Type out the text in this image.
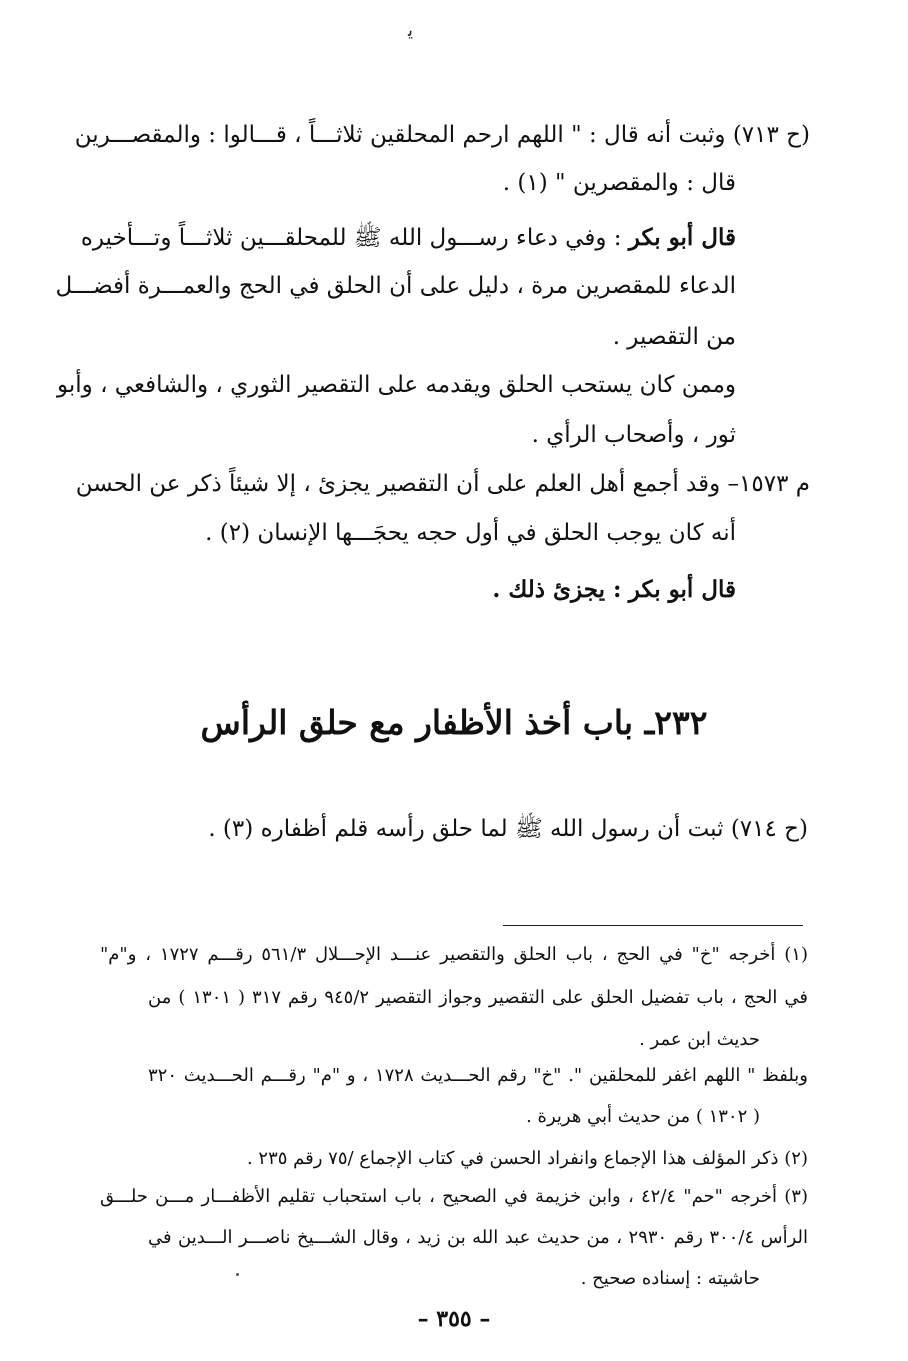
ﯾ
(ح ٧١٣) وثبت أنه قال : " اللهم ارحم المحلقين ثلاثـــاً ، قـــالوا : والمقصـــرين
قال : والمقصرين " (١) .
قال أبو بكر : وفي دعاء رســـول الله ﷺ للمحلقـــين ثلاثـــاً وتـــأخيره
الدعاء للمقصرين مرة ، دليل على أن الحلق في الحج والعمـــرة أفضـــل
من التقصير .
وممن كان يستحب الحلق ويقدمه على التقصير الثوري ، والشافعي ، وأبو
ثور ، وأصحاب الرأي .
م ١٥٧٣– وقد أجمع أهل العلم على أن التقصير يجزئ ، إلا شيئاً ذكر عن الحسن
أنه كان يوجب الحلق في أول حجه يحجَـــها الإنسان (٢) .
قال أبو بكر : يجزئ ذلك .
٢٣٢ـ باب أخذ الأظفار مع حلق الرأس
(ح ٧١٤) ثبت أن رسول الله ﷺ لما حلق رأسه قلم أظفاره (٣) .
(١) أخرجه "خ" في الحج ، باب الحلق والتقصير عنـــد الإحـــلال ٥٦١/٣ رقـــم ١٧٢٧ ، و"م"
في الحج ، باب تفضيل الحلق على التقصير وجواز التقصير ٩٤٥/٢ رقم ٣١٧ ( ١٣٠١ ) من
حديث ابن عمر .
وبلفظ " اللهم اغفر للمحلقين ". "خ" رقم الحـــديث ١٧٢٨ ، و "م" رقـــم الحـــديث ٣٢٠
( ١٣٠٢ ) من حديث أبي هريرة .
(٢) ذكر المؤلف هذا الإجماع وانفراد الحسن في كتاب الإجماع /٧٥ رقم ٢٣٥ .
(٣) أخرجه "حم" ٤٢/٤ ، وابن خزيمة في الصحيح ، باب استحباب تقليم الأظفـــار مـــن حلـــق
الرأس ٣٠٠/٤ رقم ٢٩٣٠ ، من حديث عبد الله بن زيد ، وقال الشـــيخ ناصـــر الـــدين في
حاشيته : إسناده صحيح .
– ٣٥٥ –
